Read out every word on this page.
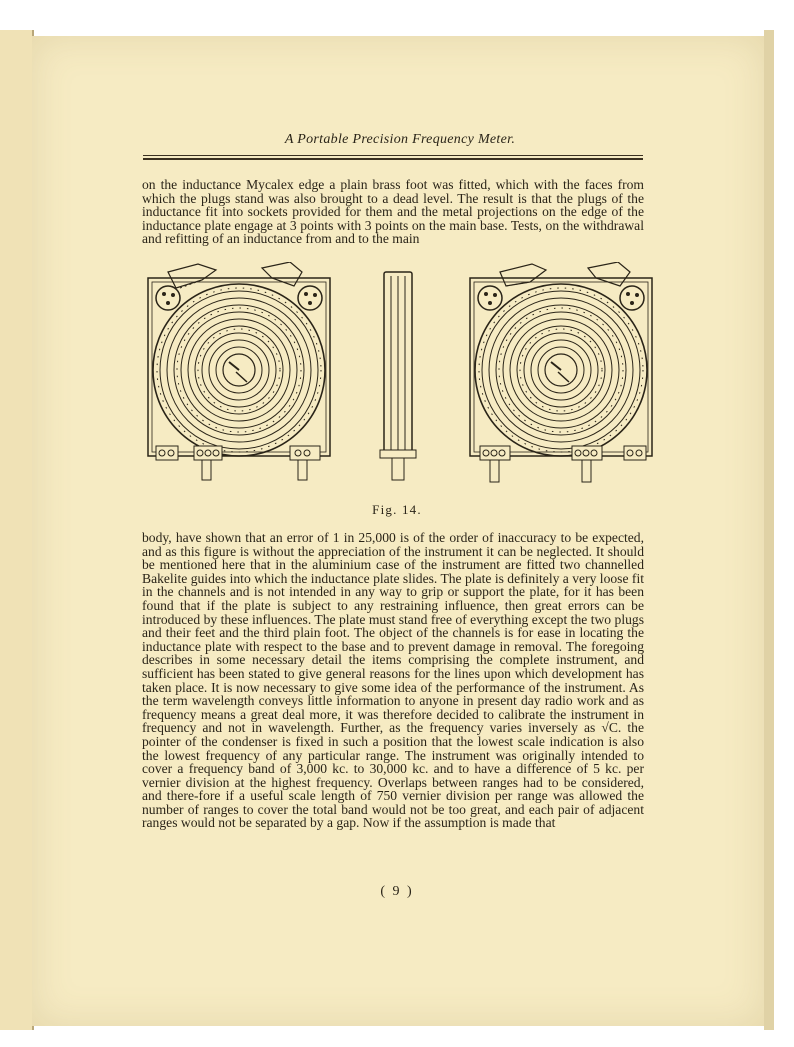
A Portable Precision Frequency Meter.

on the inductance Mycalex edge a plain brass foot was fitted, which with the faces from which the plugs stand was also brought to a dead level. The result is that the plugs of the inductance fit into sockets provided for them and the metal projections on the edge of the inductance plate engage at 3 points with 3 points on the main base. Tests, on the withdrawal and refitting of an inductance from and to the main

Fig. 14.

body, have shown that an error of 1 in 25,000 is of the order of inaccuracy to be expected, and as this figure is without the appreciation of the instrument it can be neglected. It should be mentioned here that in the aluminium case of the instrument are fitted two channelled Bakelite guides into which the inductance plate slides. The plate is definitely a very loose fit in the channels and is not intended in any way to grip or support the plate, for it has been found that if the plate is subject to any restraining influence, then great errors can be introduced by these influences. The plate must stand free of everything except the two plugs and their feet and the third plain foot. The object of the channels is for ease in locating the inductance plate with respect to the base and to prevent damage in removal. The foregoing describes in some necessary detail the items comprising the complete instrument, and sufficient has been stated to give general reasons for the lines upon which development has taken place. It is now necessary to give some idea of the performance of the instrument. As the term wavelength conveys little information to anyone in present day radio work and as frequency means a great deal more, it was therefore decided to calibrate the instrument in frequency and not in wavelength. Further, as the frequency varies inversely as √C. the pointer of the condenser is fixed in such a position that the lowest scale indication is also the lowest frequency of any particular range. The instrument was originally intended to cover a frequency band of 3,000 kc. to 30,000 kc. and to have a difference of 5 kc. per vernier division at the highest frequency. Overlaps between ranges had to be considered, and there-fore if a useful scale length of 750 vernier division per range was allowed the number of ranges to cover the total band would not be too great, and each pair of adjacent ranges would not be separated by a gap. Now if the assumption is made that

( 9 )
